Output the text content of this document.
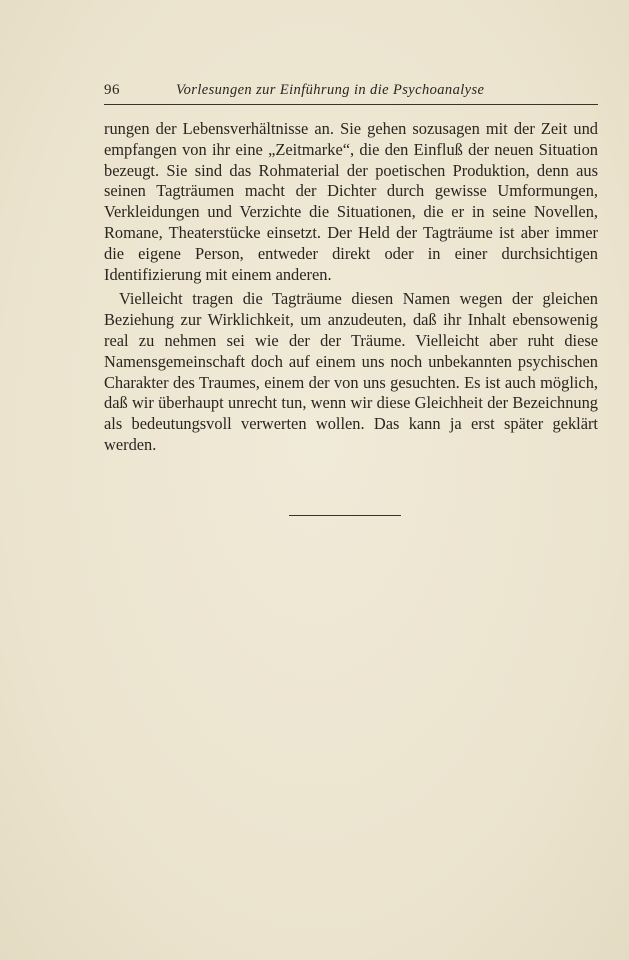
96	Vorlesungen zur Einführung in die Psychoanalyse

rungen der Lebensverhältnisse an. Sie gehen sozusagen mit der Zeit und empfangen von ihr eine „Zeitmarke“, die den Einfluß der neuen Situation bezeugt. Sie sind das Rohmaterial der poetischen Produktion, denn aus seinen Tagträumen macht der Dichter durch gewisse Umformungen, Verkleidungen und Verzichte die Situationen, die er in seine Novellen, Romane, Theaterstücke einsetzt. Der Held der Tagträume ist aber immer die eigene Person, entweder direkt oder in einer durchsichtigen Identifizierung mit einem anderen.

Vielleicht tragen die Tagträume diesen Namen wegen der gleichen Beziehung zur Wirklichkeit, um anzudeuten, daß ihr Inhalt ebensowenig real zu nehmen sei wie der der Träume. Vielleicht aber ruht diese Namensgemeinschaft doch auf einem uns noch unbekannten psychischen Charakter des Traumes, einem der von uns gesuchten. Es ist auch möglich, daß wir überhaupt unrecht tun, wenn wir diese Gleichheit der Bezeichnung als bedeutungsvoll verwerten wollen. Das kann ja erst später geklärt werden.
